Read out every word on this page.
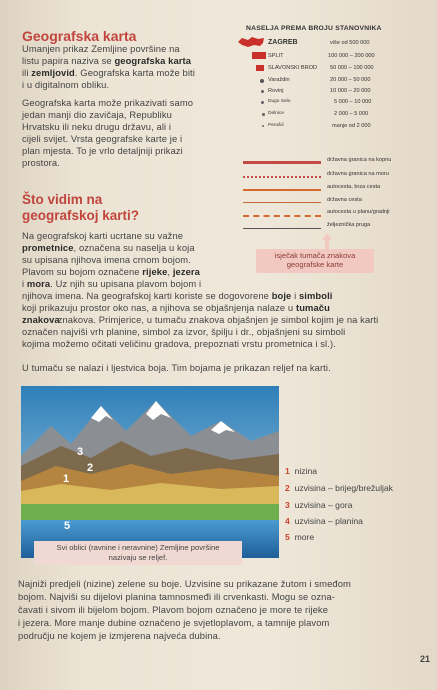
Geografska karta
Umanjen prikaz Zemljine površine na
listu papira naziva se geografska karta
ili zemljovid. Geografska karta može biti
i u digitalnom obliku.
Geografska karta može prikazivati samo
jedan manji dio zavičaja, Republiku
Hrvatsku ili neku drugu državu, ali i
cijeli svijet. Vrsta geografske karte je i
plan mjesta. To je vrlo detaljniji prikazi
prostora.
NASELJA PREMA BROJU STANOVNIKA
ZAGREB	više od 500 000
SPLIT	100 000 – 200 000
SLAVONSKI BROD 50 000 – 100 000
Varaždin	20 000 – 50 000
Rovinj	10 000 – 20 000
Dugo Selo	5 000 – 10 000
Delnice	2 000 – 5 000
Perušić	manje od 2 000
državna granica na kopnu
državna granica na moru
autocesta, brza cesta
državna cesta
autocesta u planu/gradnji
željeznička pruga
isječak tumača znakova
geografske karte
Što vidim na
geografskoj karti?
Na geografskoj karti ucrtane su važne
prometnice, označena su naselja u koja
su upisana njihova imena crnom bojom.
Plavom su bojom označene rijeke, jezera
i mora. Uz njih su upisana plavom bojom i
njihova imena. Na geografskoj karti koriste se dogovorene boje i simboli
koji prikazuju prostor oko nas, a njihova se objašnjenja nalaze u tumaču
znakovaznakova. Primjerice, u tumaču znakova objašnjen je simbol kojim je na karti
označen najviši vrh planine, simbol za izvor, špilju i dr., objašnjeni su simboli
kojima možemo očitati veličinu gradova, prepoznati vrstu prometnica i sl.).
U tumaču se nalazi i ljestvica boja. Tim bojama je prikazan reljef na karti.
4
3
2
1
5
Svi oblici (ravnine i neravnine) Zemljine površine
nazivaju se reljef.
1 nizina
2 uzvisina – brijeg/brežuljak
3 uzvisina – gora
4 uzvisina – planina
5 more
Najniži predjeli (nizine) zelene su boje. Uzvisine su prikazane žutom i smeđom
bojom. Najviši su dijelovi planina tamnosmeđi ili crvenkasti. Mogu se ozna-
čavati i sivom ili bijelom bojom. Plavom bojom označeno je more te rijeke
i jezera. More manje dubine označeno je svjetloplavom, a tamnije plavom
području ne kojem je izmjerena najveća dubina.
21
